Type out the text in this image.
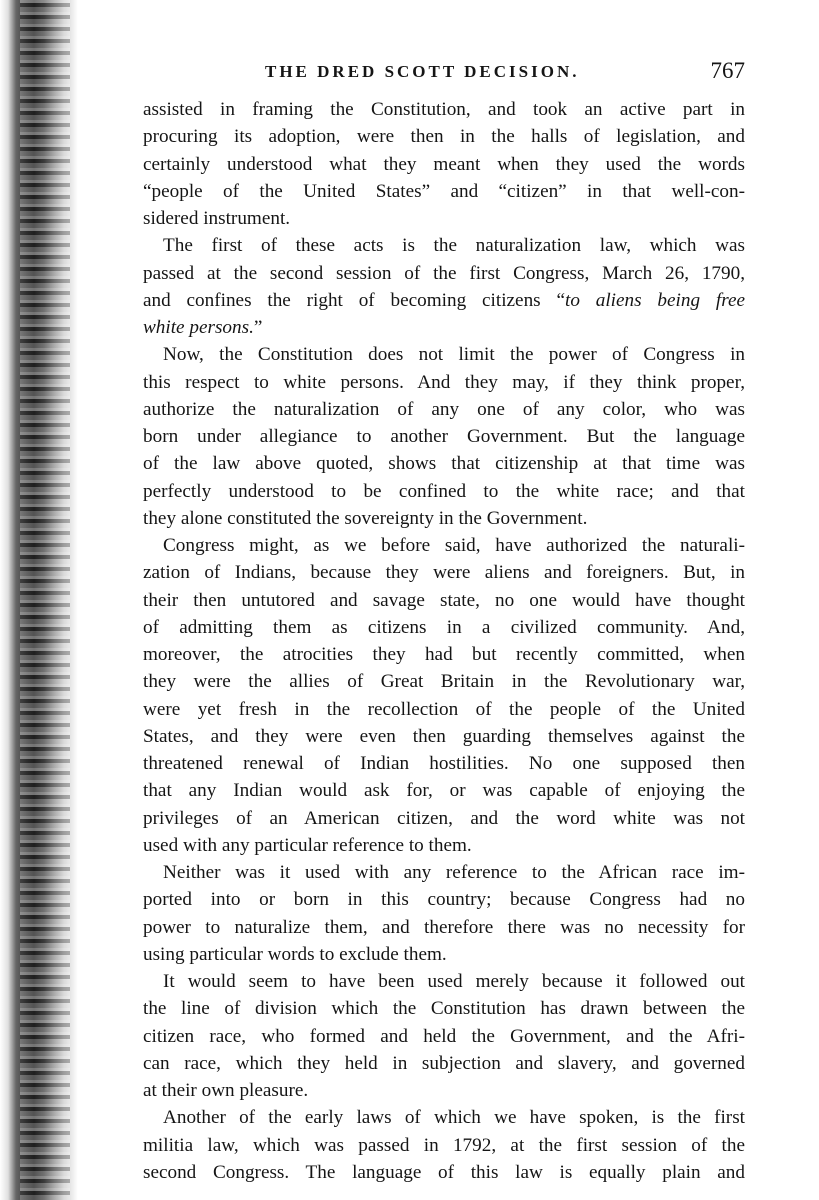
THE DRED SCOTT DECISION.	767
assisted in framing the Constitution, and took an active part in
procuring its adoption, were then in the halls of legislation, and
certainly understood what they meant when they used the words
“people of the United States” and “citizen” in that well-con-
sidered instrument.
The first of these acts is the naturalization law, which was
passed at the second session of the first Congress, March 26, 1790,
and confines the right of becoming citizens “to aliens being free
white persons.”
Now, the Constitution does not limit the power of Congress in
this respect to white persons. And they may, if they think proper,
authorize the naturalization of any one of any color, who was
born under allegiance to another Government. But the language
of the law above quoted, shows that citizenship at that time was
perfectly understood to be confined to the white race; and that
they alone constituted the sovereignty in the Government.
Congress might, as we before said, have authorized the naturali-
zation of Indians, because they were aliens and foreigners. But, in
their then untutored and savage state, no one would have thought
of admitting them as citizens in a civilized community. And,
moreover, the atrocities they had but recently committed, when
they were the allies of Great Britain in the Revolutionary war,
were yet fresh in the recollection of the people of the United
States, and they were even then guarding themselves against the
threatened renewal of Indian hostilities. No one supposed then
that any Indian would ask for, or was capable of enjoying the
privileges of an American citizen, and the word white was not
used with any particular reference to them.
Neither was it used with any reference to the African race im-
ported into or born in this country; because Congress had no
power to naturalize them, and therefore there was no necessity for
using particular words to exclude them.
It would seem to have been used merely because it followed out
the line of division which the Constitution has drawn between the
citizen race, who formed and held the Government, and the Afri-
can race, which they held in subjection and slavery, and governed
at their own pleasure.
Another of the early laws of which we have spoken, is the first
militia law, which was passed in 1792, at the first session of the
second Congress. The language of this law is equally plain and
